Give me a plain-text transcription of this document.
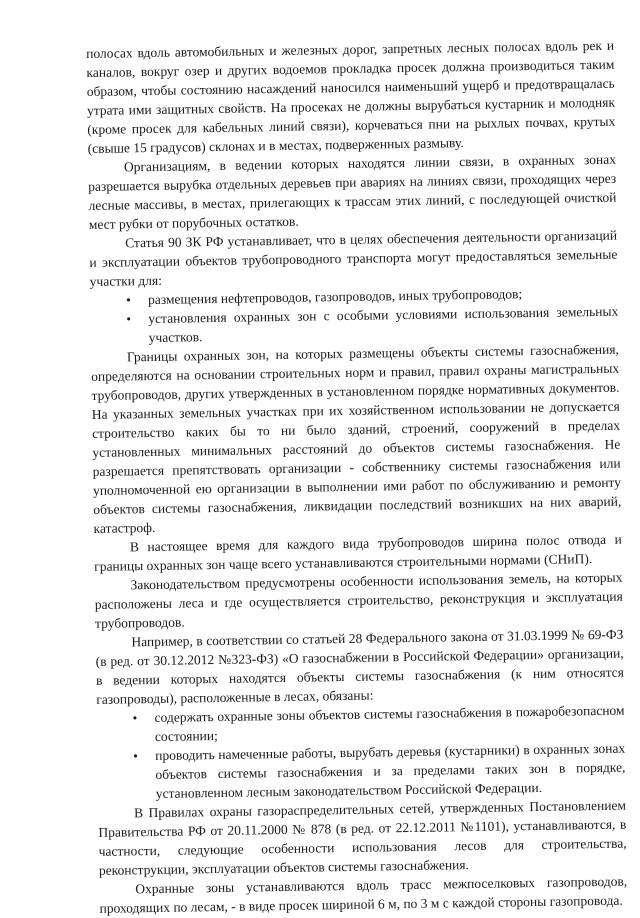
полосах вдоль автомобильных и железных дорог, запретных лесных полосах вдоль рек и каналов, вокруг озер и других водоемов прокладка просек должна производиться таким образом, чтобы состоянию насаждений наносился наименьший ущерб и предотвращалась утрата ими защитных свойств. На просеках не должны вырубаться кустарник и молодняк (кроме просек для кабельных линий связи), корчеваться пни на рыхлых почвах, крутых (свыше 15 градусов) склонах и в местах, подверженных размыву.

Организациям, в ведении которых находятся линии связи, в охранных зонах разрешается вырубка отдельных деревьев при авариях на линиях связи, проходящих через лесные массивы, в местах, прилегающих к трассам этих линий, с последующей очисткой мест рубки от порубочных остатков.

Статья 90 ЗК РФ устанавливает, что в целях обеспечения деятельности организаций и эксплуатации объектов трубопроводного транспорта могут предоставляться земельные участки для:

• размещения нефтепроводов, газопроводов, иных трубопроводов;
• установления охранных зон с особыми условиями использования земельных участков.

Границы охранных зон, на которых размещены объекты системы газоснабжения, определяются на основании строительных норм и правил, правил охраны магистральных трубопроводов, других утвержденных в установленном порядке нормативных документов. На указанных земельных участках при их хозяйственном использовании не допускается строительство каких бы то ни было зданий, строений, сооружений в пределах установленных минимальных расстояний до объектов системы газоснабжения. Не разрешается препятствовать организации - собственнику системы газоснабжения или уполномоченной ею организации в выполнении ими работ по обслуживанию и ремонту объектов системы газоснабжения, ликвидации последствий возникших на них аварий, катастроф.

В настоящее время для каждого вида трубопроводов ширина полос отвода и границы охранных зон чаще всего устанавливаются строительными нормами (СНиП).

Законодательством предусмотрены особенности использования земель, на которых расположены леса и где осуществляется строительство, реконструкция и эксплуатация трубопроводов.

Например, в соответствии со статьей 28 Федерального закона от 31.03.1999 № 69-ФЗ (в ред. от 30.12.2012 №323-ФЗ) «О газоснабжении в Российской Федерации» организации, в ведении которых находятся объекты системы газоснабжения (к ним относятся газопроводы), расположенные в лесах, обязаны:

• содержать охранные зоны объектов системы газоснабжения в пожаробезопасном состоянии;
• проводить намеченные работы, вырубать деревья (кустарники) в охранных зонах объектов системы газоснабжения и за пределами таких зон в порядке, установленном лесным законодательством Российской Федерации.

В Правилах охраны газораспределительных сетей, утвержденных Постановлением Правительства РФ от 20.11.2000 № 878 (в ред. от 22.12.2011 №1101), устанавливаются, в частности, следующие особенности использования лесов для строительства, реконструкции, эксплуатации объектов системы газоснабжения.

Охранные зоны устанавливаются вдоль трасс межпоселковых газопроводов, проходящих по лесам, - в виде просек шириной 6 м, по 3 м с каждой стороны газопровода.
